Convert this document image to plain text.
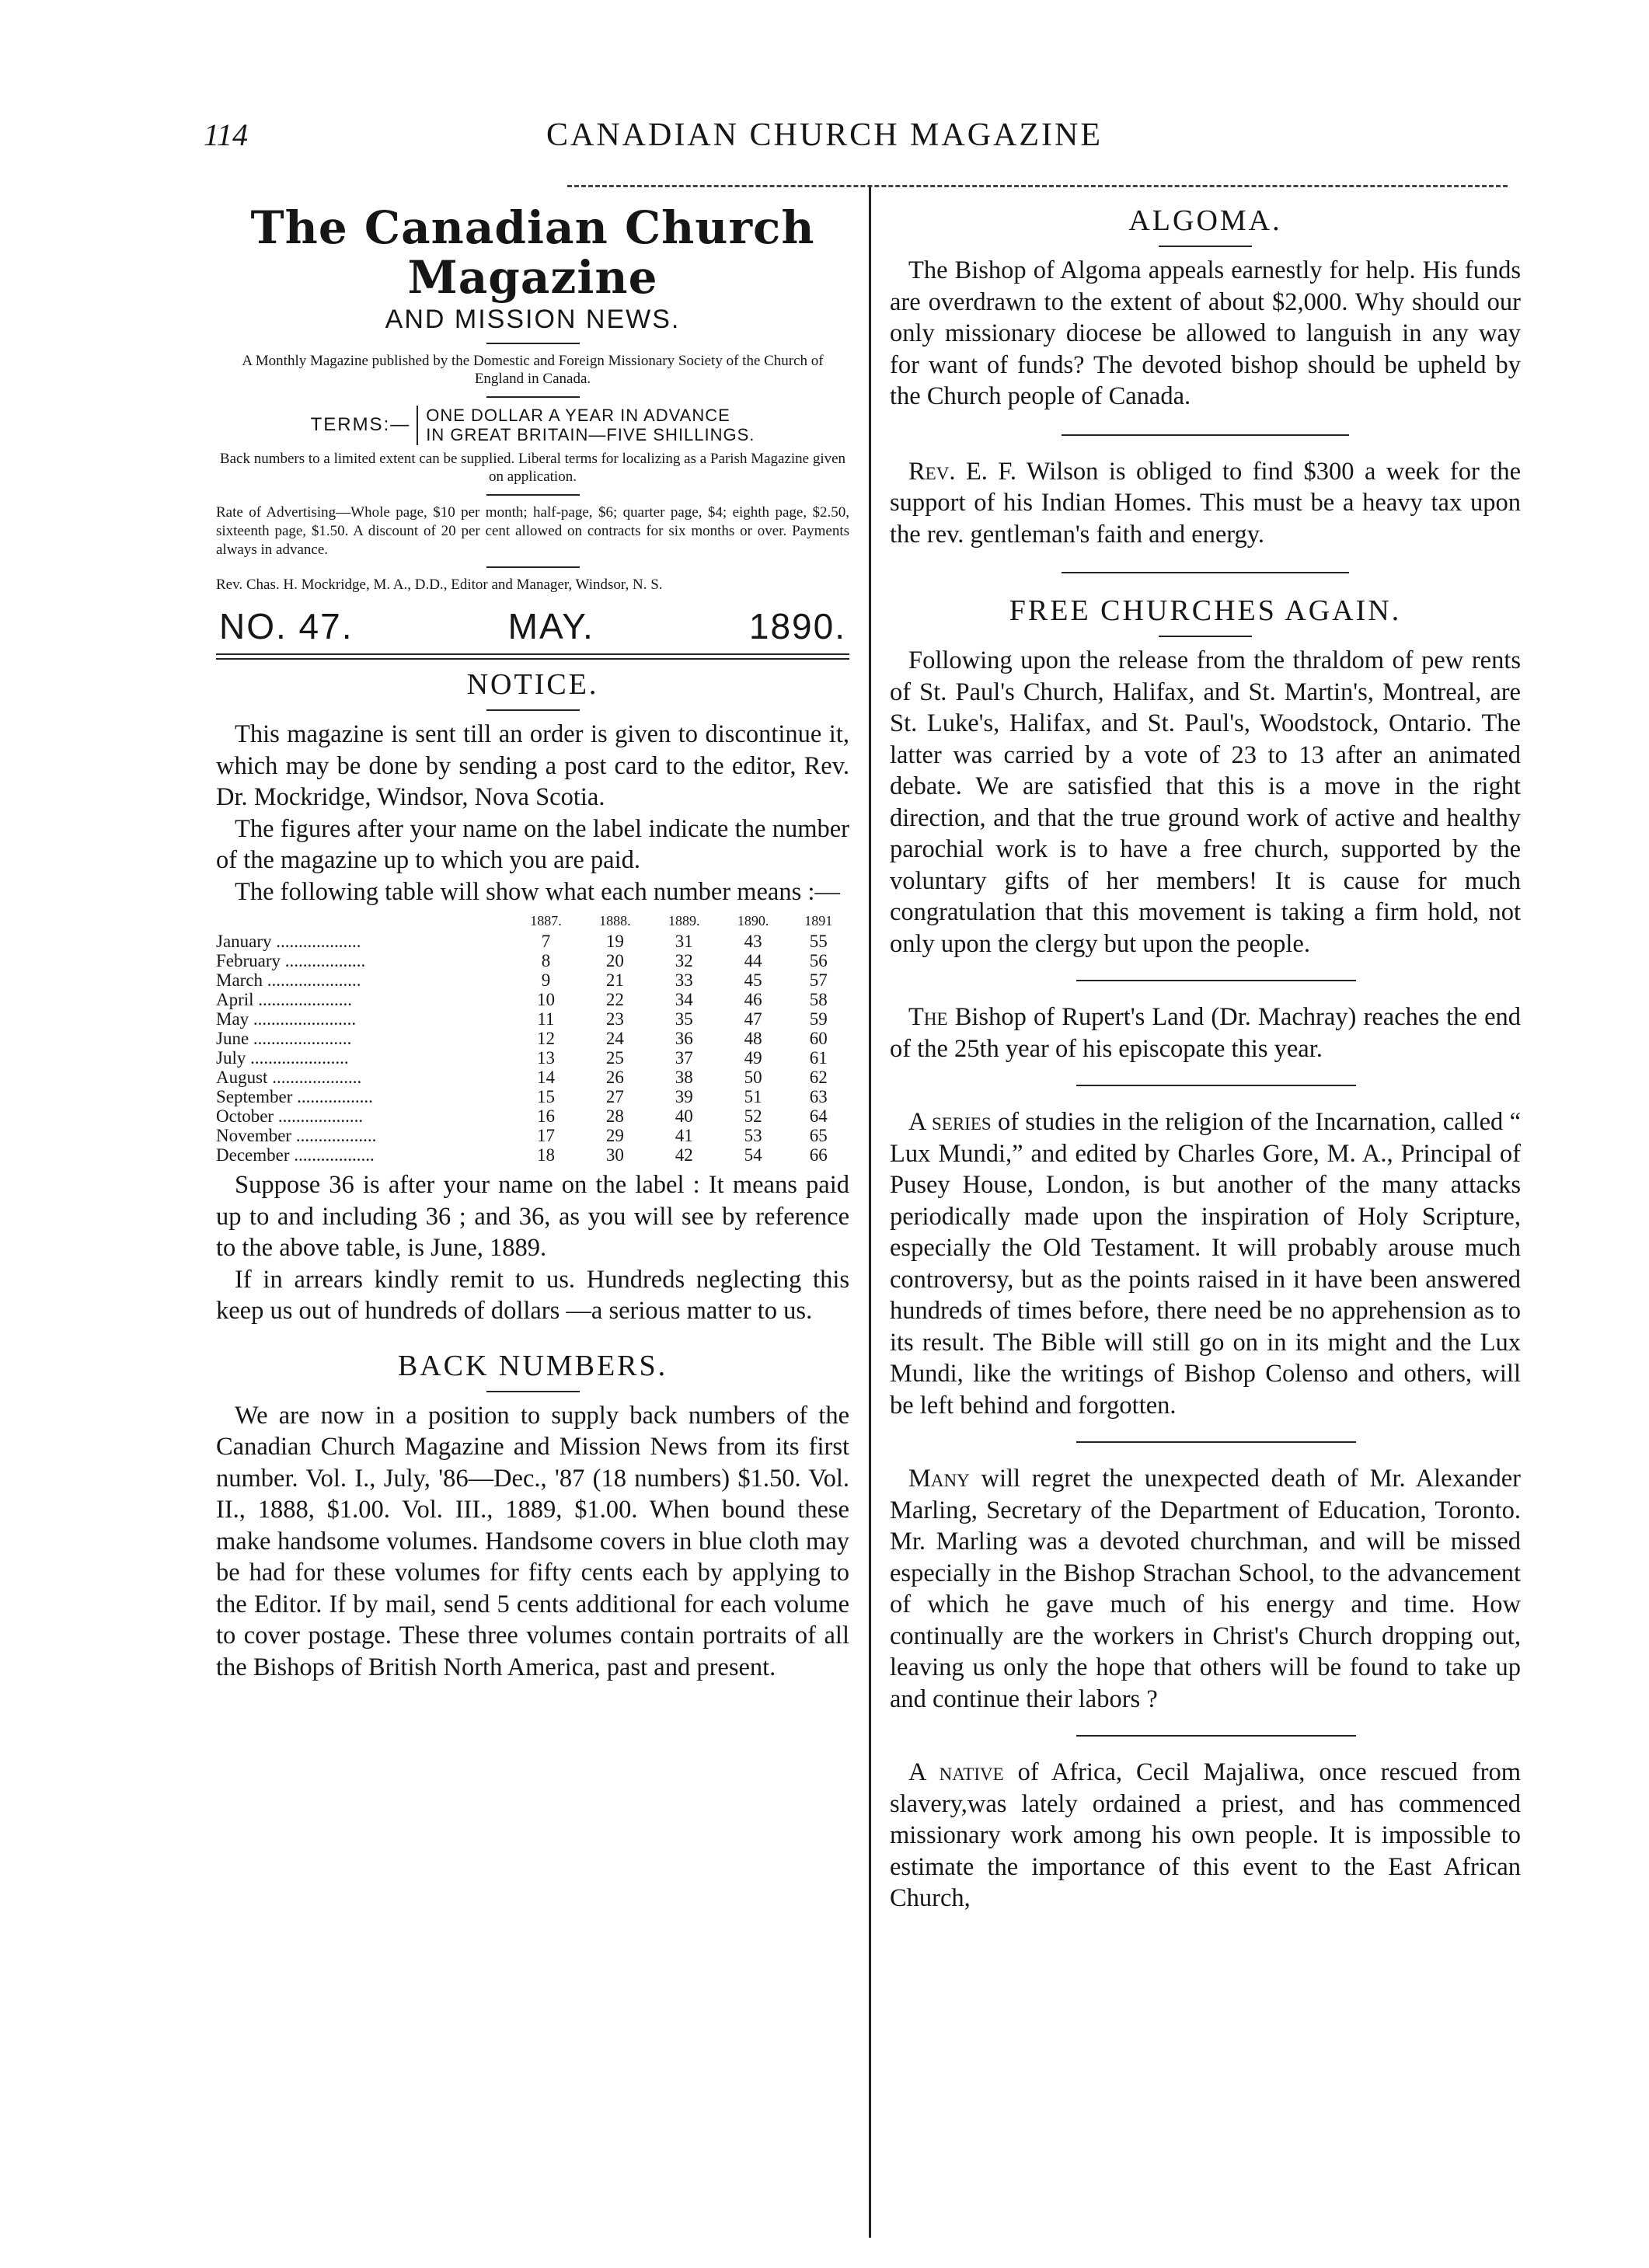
114	CANADIAN CHURCH MAGAZINE
The Canadian Church Magazine
AND MISSION NEWS.
A Monthly Magazine published by the Domestic and Foreign Missionary Society of the Church of England in Canada.
TERMS:— ONE DOLLAR A YEAR IN ADVANCE
IN GREAT BRITAIN—FIVE SHILLINGS.
Back numbers to a limited extent can be supplied. Liberal terms for localizing as a Parish Magazine given on application.
Rate of Advertising—Whole page, $10 per month; half-page, $6; quarter page, $4; eighth page, $2.50, sixteenth page, $1.50. A discount of 20 per cent allowed on contracts for six months or over. Payments always in advance.
Rev. Chas. H. Mockridge, M. A., D.D., Editor and Manager, Windsor, N. S.
NO. 47.	MAY.	1890.
NOTICE.

This magazine is sent till an order is given to discontinue it, which may be done by sending a post card to the editor, Rev. Dr. Mockridge, Windsor, Nova Scotia.

The figures after your name on the label indicate the number of the magazine up to which you are paid.

The following table will show what each number means :—

	1887.	1888.	1889.	1890.	1891
January ...................	7	19	31	43	55
February ..................	8	20	32	44	56
March .....................	9	21	33	45	57
April .....................	10	22	34	46	58
May .......................	11	23	35	47	59
June ......................	12	24	36	48	60
July ......................	13	25	37	49	61
August ....................	14	26	38	50	62
September .................	15	27	39	51	63
October ...................	16	28	40	52	64
November ..................	17	29	41	53	65
December ..................	18	30	42	54	66

Suppose 36 is after your name on the label : It means paid up to and including 36 ; and 36, as you will see by reference to the above table, is June, 1889.

If in arrears kindly remit to us. Hundreds neglecting this keep us out of hundreds of dollars —a serious matter to us.

BACK NUMBERS.

We are now in a position to supply back numbers of the Canadian Church Magazine and Mission News from its first number. Vol. I., July, '86—Dec., '87 (18 numbers) $1.50. Vol. II., 1888, $1.00. Vol. III., 1889, $1.00. When bound these make handsome volumes. Handsome covers in blue cloth may be had for these volumes for fifty cents each by applying to the Editor. If by mail, send 5 cents additional for each volume to cover postage. These three volumes contain portraits of all the Bishops of British North America, past and present.

ALGOMA.

The Bishop of Algoma appeals earnestly for help. His funds are overdrawn to the extent of about $2,000. Why should our only missionary diocese be allowed to languish in any way for want of funds? The devoted bishop should be upheld by the Church people of Canada.

Rev. E. F. Wilson is obliged to find $300 a week for the support of his Indian Homes. This must be a heavy tax upon the rev. gentleman's faith and energy.

FREE CHURCHES AGAIN.

Following upon the release from the thraldom of pew rents of St. Paul's Church, Halifax, and St. Martin's, Montreal, are St. Luke's, Halifax, and St. Paul's, Woodstock, Ontario. The latter was carried by a vote of 23 to 13 after an animated debate. We are satisfied that this is a move in the right direction, and that the true ground work of active and healthy parochial work is to have a free church, supported by the voluntary gifts of her members! It is cause for much congratulation that this movement is taking a firm hold, not only upon the clergy but upon the people.

The Bishop of Rupert's Land (Dr. Machray) reaches the end of the 25th year of his episcopate this year.

A series of studies in the religion of the Incarnation, called “ Lux Mundi,” and edited by Charles Gore, M. A., Principal of Pusey House, London, is but another of the many attacks periodically made upon the inspiration of Holy Scripture, especially the Old Testament. It will probably arouse much controversy, but as the points raised in it have been answered hundreds of times before, there need be no apprehension as to its result. The Bible will still go on in its might and the Lux Mundi, like the writings of Bishop Colenso and others, will be left behind and forgotten.

Many will regret the unexpected death of Mr. Alexander Marling, Secretary of the Department of Education, Toronto. Mr. Marling was a devoted churchman, and will be missed especially in the Bishop Strachan School, to the advancement of which he gave much of his energy and time. How continually are the workers in Christ's Church dropping out, leaving us only the hope that others will be found to take up and continue their labors ?

A native of Africa, Cecil Majaliwa, once rescued from slavery,was lately ordained a priest, and has commenced missionary work among his own people. It is impossible to estimate the importance of this event to the East African Church,
